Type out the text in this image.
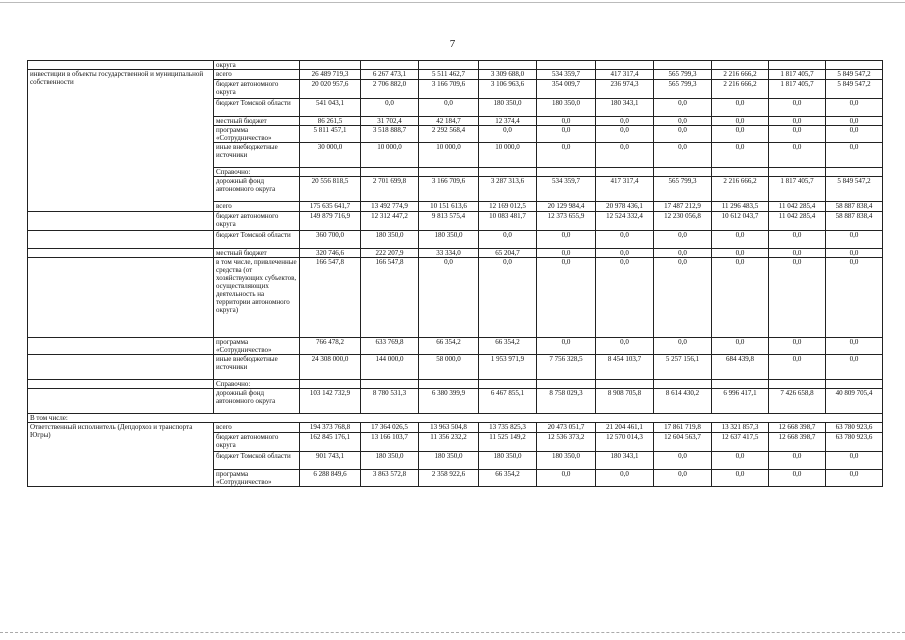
7
	округа										
инвестиции в объекты государственной и муниципальной собственности	всего	26 489 719,3	6 267 473,1	5 511 462,7	3 309 688,0	534 359,7	417 317,4	565 799,3	2 216 666,2	1 817 405,7	5 849 547,2
	бюджет автономного округа	20 020 957,6	2 706 882,0	3 166 709,6	3 106 963,6	354 009,7	236 974,3	565 799,3	2 216 666,2	1 817 405,7	5 849 547,2
	бюджет Томской области	541 043,1	0,0	0,0	180 350,0	180 350,0	180 343,1	0,0	0,0	0,0	0,0
	местный бюджет	86 261,5	31 702,4	42 184,7	12 374,4	0,0	0,0	0,0	0,0	0,0	0,0
	программа «Сотрудничество»	5 811 457,1	3 518 888,7	2 292 568,4	0,0	0,0	0,0	0,0	0,0	0,0	0,0
	иные внебюджетные источники	30 000,0	10 000,0	10 000,0	10 000,0	0,0	0,0	0,0	0,0	0,0	0,0
	Справочно:										
	дорожный фонд автономного округа	20 556 818,5	2 701 699,8	3 166 709,6	3 287 313,6	534 359,7	417 317,4	565 799,3	2 216 666,2	1 817 405,7	5 849 547,2
	всего	175 635 641,7	13 492 774,9	10 151 613,6	12 169 012,5	20 129 984,4	20 978 436,1	17 487 212,9	11 296 483,5	11 042 285,4	58 887 838,4
	бюджет автономного округа	149 879 716,9	12 312 447,2	9 813 575,4	10 083 481,7	12 373 655,9	12 524 332,4	12 230 056,8	10 612 043,7	11 042 285,4	58 887 838,4
	бюджет Томской области	360 700,0	180 350,0	180 350,0	0,0	0,0	0,0	0,0	0,0	0,0	0,0
	местный бюджет	320 746,6	222 207,9	33 334,0	65 204,7	0,0	0,0	0,0	0,0	0,0	0,0
	в том числе, привлеченные средства (от хозяйствующих субъектов, осуществляющих деятельность на территории автономного округа)	166 547,8	166 547,8	0,0	0,0	0,0	0,0	0,0	0,0	0,0	0,0
	программа «Сотрудничество»	766 478,2	633 769,8	66 354,2	66 354,2	0,0	0,0	0,0	0,0	0,0	0,0
	иные внебюджетные источники	24 308 000,0	144 000,0	58 000,0	1 953 971,9	7 756 328,5	8 454 103,7	5 257 156,1	684 439,8	0,0	0,0
	Справочно:										
	дорожный фонд автономного округа	103 142 732,9	8 780 531,3	6 380 399,9	6 467 855,1	8 758 029,3	8 908 705,8	8 614 430,2	6 996 417,1	7 426 658,8	40 809 705,4
В том числе:											
Ответственный исполнитель (Депдорхоз и транспорта Югры)	всего	194 373 768,8	17 364 026,5	13 963 504,8	13 735 825,3	20 473 051,7	21 204 461,1	17 861 719,8	13 321 857,3	12 668 398,7	63 780 923,6
	бюджет автономного округа	162 845 176,1	13 166 103,7	11 356 232,2	11 525 149,2	12 536 373,2	12 570 014,3	12 604 563,7	12 637 417,5	12 668 398,7	63 780 923,6
	бюджет Томской области	901 743,1	180 350,0	180 350,0	180 350,0	180 350,0	180 343,1	0,0	0,0	0,0	0,0
	программа «Сотрудничество»	6 288 849,6	3 863 572,8	2 358 922,6	66 354,2	0,0	0,0	0,0	0,0	0,0	0,0
